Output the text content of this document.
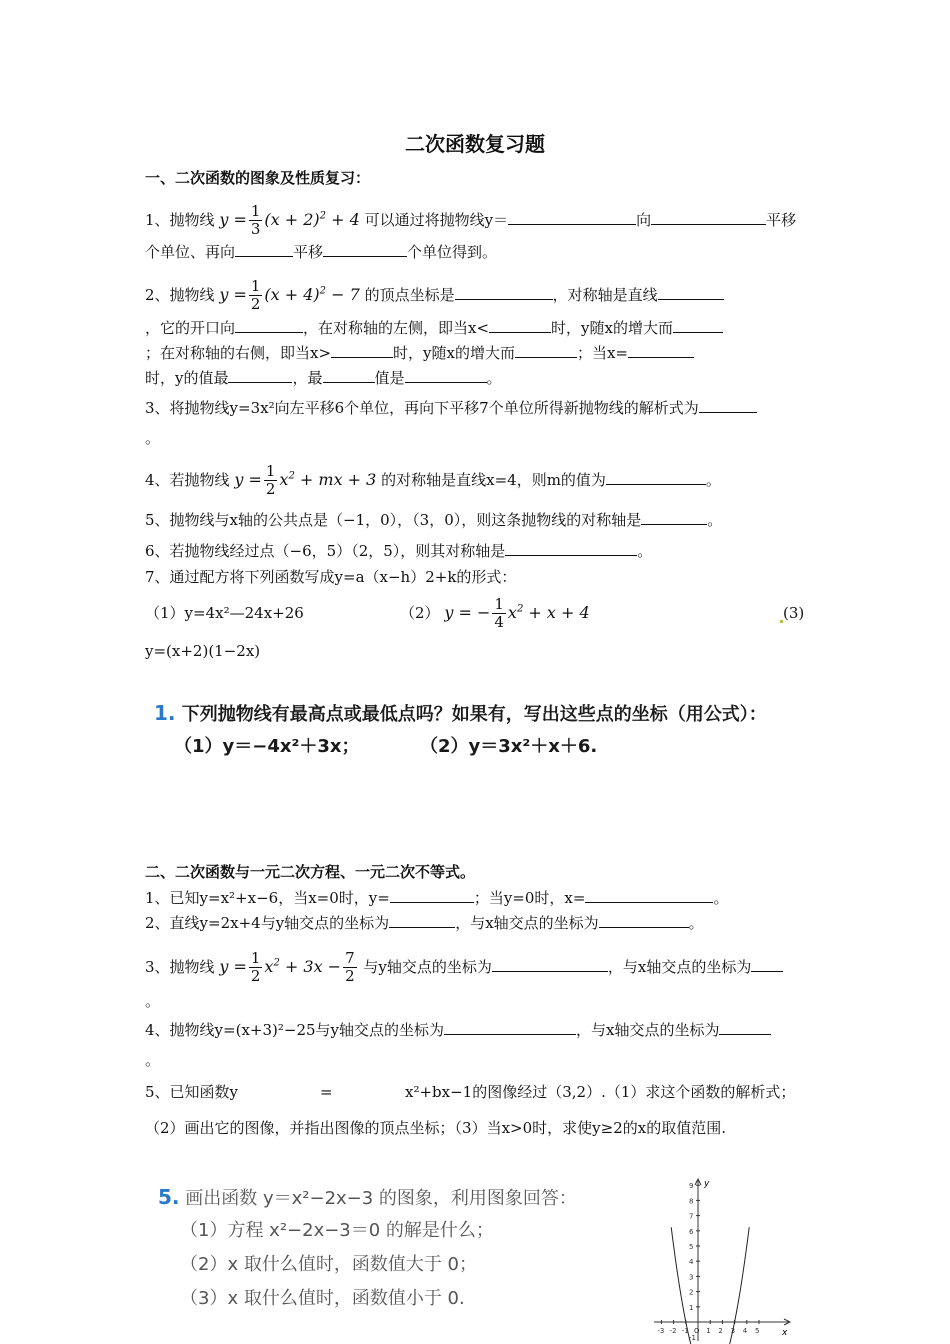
二次函数复习题
一、二次函数的图象及性质复习：
1、抛物线 $y = \frac{1}{3} (x + 2)^2 + 4$ 可以通过将抛物线y＝	向	平移
个单位、再向	平移	个单位得到。
2、抛物线 $y = \frac{1}{2} (x + 4)^2 - 7$ 的顶点坐标是	，对称轴是直线
，它的开口向	，在对称轴的左侧，即当x<	时，y随x的增大而
；在对称轴的右侧，即当x>	时，y随x的增大而	；当x=
时，y的值最	，最	值是	。
3、将抛物线y=3x²向左平移6个单位，再向下平移7个单位所得新抛物线的解析式为
。
4、若抛物线 $y = \frac{1}{2} x^2$ + mx + 3 的对称轴是直线x=4，则m的值为	。
5、抛物线与x轴的公共点是（−1，0），（3，0），则这条抛物线的对称轴是	。
6、若抛物线经过点（−6，5）（2，5），则其对称轴是	。
7、通过配方将下列函数写成y=a（x−h）2+k的形式：
（1）y=4x²—24x+26	（2） y = − $\frac{1}{4} x^2 + x + 4$	(3)
y=(x+2)(1−2x)
1. 下列抛物线有最高点或最低点吗？如果有，写出这些点的坐标（用公式）：
（1）y＝−4x²＋3x；	（2）y＝3x²＋x＋6.
二、二次函数与一元二次方程、一元二次不等式。
1、已知y=x²+x−6，当x=0时，y=	；当y=0时，x=	。
2、直线y=2x+4与y轴交点的坐标为	，与x轴交点的坐标为	。
3、抛物线 $y = \frac{1}{2} x^2 + 3x - \frac{7}{2}$ 与y轴交点的坐标为	，与x轴交点的坐标为
。
4、抛物线y=(x+3)²−25与y轴交点的坐标为	，与x轴交点的坐标为
。
5、已知函数y	=	x²+bx−1的图像经过（3,2）.（1）求这个函数的解析式；
（2）画出它的图像，并指出图像的顶点坐标；（3）当x>0时，求使y≥2的x的取值范围.
5. 画出函数 y＝x²−2x−3 的图象，利用图象回答：
（1）方程 x²−2x−3＝0 的解是什么；
（2）x 取什么值时，函数值大于 0；
（3）x 取什么值时，函数值小于 0.
y
x
9
8
7
6
5
4
3
2
1
-3 -2 -1 O 1 2 3 4 5
-1
